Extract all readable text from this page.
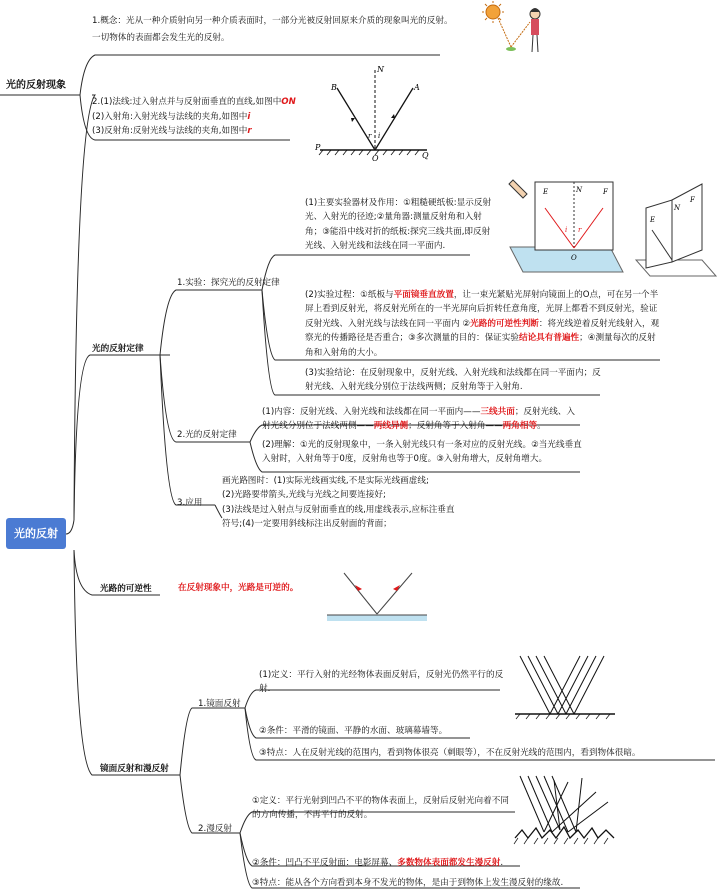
光的反射
光的反射现象
1.概念：光从一种介质射向另一种介质表面时，一部分光被反射回原来介质的现象叫光的反射。
一切物体的表面都会发生光的反射。
2.(1)法线:过入射点并与反射面垂直的直线,如图中ON
(2)入射角:入射光线与法线的夹角,如图中i
(3)反射角:反射光线与法线的夹角,如图中r
N
B	A
P
O	Q
r i
光的反射定律
1.实验：探究光的反射定律
(1)主要实验器材及作用：①粗糙硬纸板:显示反射光、入射光的径迹;②量角器:测量反射角和入射角；③能沿中线对折的纸板:探究三线共面,即反射光线、入射光线和法线在同一平面内.
E	N	F
i r
O
E
N
F
(2)实验过程：①纸板与平面镜垂直放置，让一束光紧贴光屏射向镜面上的O点，可在另一个半屏上看到反射光，将反射光所在的一半光屏向后折转任意角度，光屏上都看不到反射光，验证反射光线、入射光线与法线在同一平面内 ②光路的可逆性判断：将光线逆着反射光线射入，观察光的传播路径是否重合；③多次测量的目的：保证实验结论具有普遍性；④测量每次的反射角和入射角的大小。
(3)实验结论：在反射现象中，反射光线、入射光线和法线都在同一平面内；反射光线、入射光线分别位于法线两侧；反射角等于入射角.
2.光的反射定律
(1)内容：反射光线、入射光线和法线都在同一平面内——三线共面；反射光线、入射光线分别位于法线两侧——两线异侧；反射角等于入射角——两角相等。
(2)理解：①光的反射现象中，一条入射光线只有一条对应的反射光线。②当光线垂直入射时，入射角等于0度，反射角也等于0度。③入射角增大，反射角增大。
3.应用
画光路图时：(1)实际光线画实线,不是实际光线画虚线;
(2)光路要带箭头,光线与光线之间要连接好;
(3)法线是过入射点与反射面垂直的线,用虚线表示,应标注垂直符号;(4)一定要用斜线标注出反射面的背面；
光路的可逆性	在反射现象中，光路是可逆的。
镜面反射和漫反射
1.镜面反射
(1)定义：平行入射的光经物体表面反射后，反射光仍然平行的反射.
②条件：平滑的镜面、平静的水面、玻璃幕墙等。
③特点：人在反射光线的范围内，看到物体很亮（刺眼等），不在反射光线的范围内，看到物体很暗。
2.漫反射
①定义：平行光射到凹凸不平的物体表面上，反射后反射光向着不同的方向传播，不再平行的反射。
②条件：凹凸不平反射面：电影屏幕、多数物体表面都发生漫反射.
③特点：能从各个方向看到本身不发光的物体，是由于到物体上发生漫反射的缘故.
